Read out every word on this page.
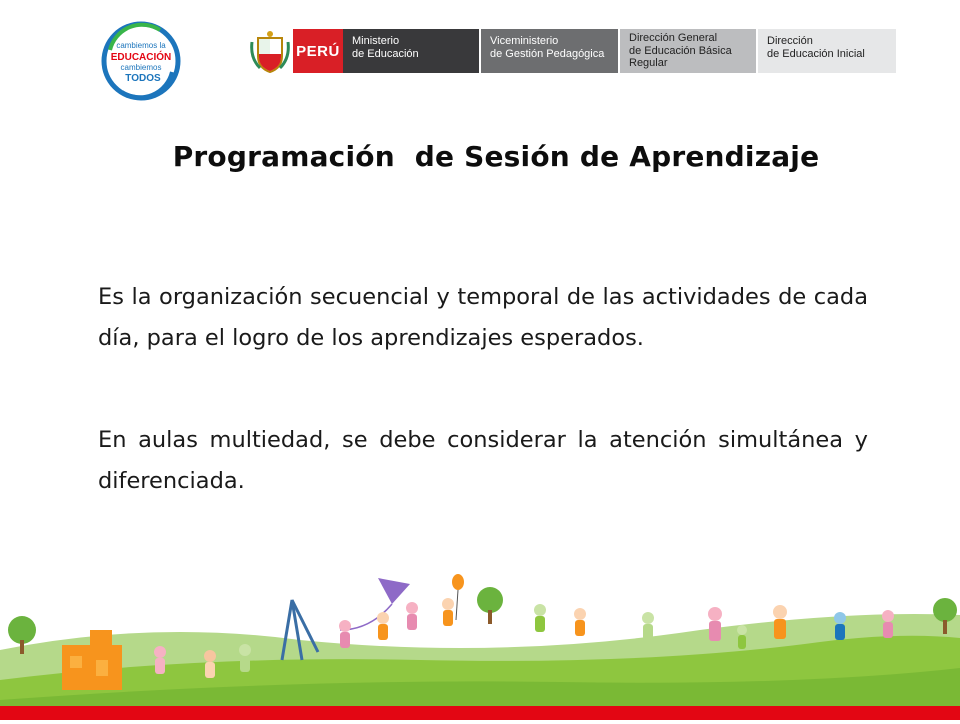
cambiemos la
EDUCACIÓN
cambiemos
TODOS
PERÚ
Ministerio
de Educación
Viceministerio
de Gestión Pedagógica
Dirección General
de Educación Básica
Regular
Dirección
de Educación Inicial
Programación  de Sesión de Aprendizaje
Es la organización secuencial y temporal de las actividades de cada día, para el logro de los aprendizajes esperados.
En aulas multiedad, se debe considerar la atención simultánea y diferenciada.
